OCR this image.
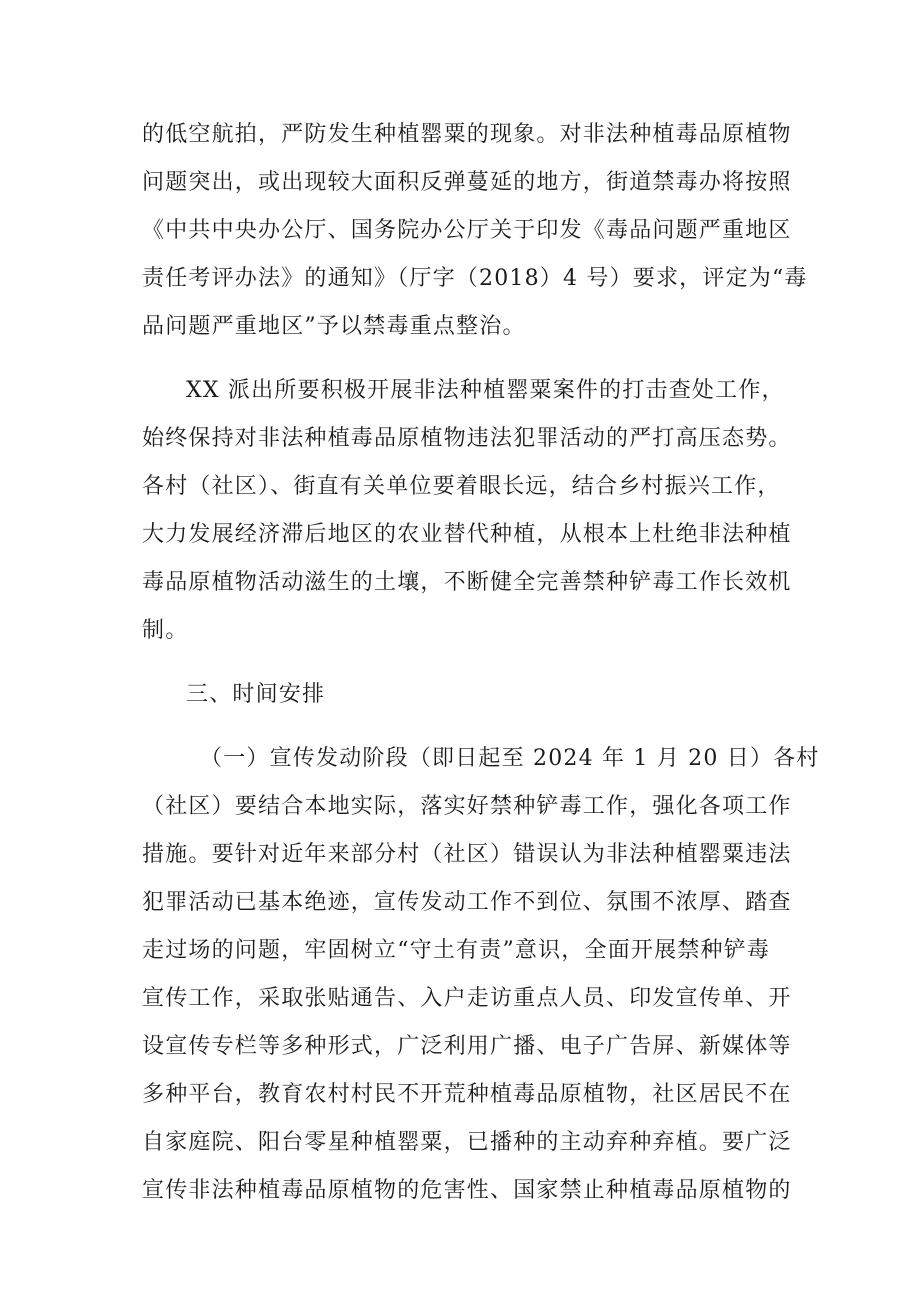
的低空航拍，严防发生种植罂粟的现象。对非法种植毒品原植物
问题突出，或出现较大面积反弹蔓延的地方，街道禁毒办将按照
《中共中央办公厅、国务院办公厅关于印发《毒品问题严重地区
责任考评办法》的通知》（厅字（2018）4 号）要求，评定为“毒
品问题严重地区”予以禁毒重点整治。
XX 派出所要积极开展非法种植罂粟案件的打击查处工作，
始终保持对非法种植毒品原植物违法犯罪活动的严打高压态势。
各村（社区）、街直有关单位要着眼长远，结合乡村振兴工作，
大力发展经济滞后地区的农业替代种植，从根本上杜绝非法种植
毒品原植物活动滋生的土壤，不断健全完善禁种铲毒工作长效机
制。
三、时间安排
（一）宣传发动阶段（即日起至 2024 年 1 月 20 日）各村
（社区）要结合本地实际，落实好禁种铲毒工作，强化各项工作
措施。要针对近年来部分村（社区）错误认为非法种植罂粟违法
犯罪活动已基本绝迹，宣传发动工作不到位、氛围不浓厚、踏查
走过场的问题，牢固树立“守土有责”意识，全面开展禁种铲毒
宣传工作，采取张贴通告、入户走访重点人员、印发宣传单、开
设宣传专栏等多种形式，广泛利用广播、电子广告屏、新媒体等
多种平台，教育农村村民不开荒种植毒品原植物，社区居民不在
自家庭院、阳台零星种植罂粟，已播种的主动弃种弃植。要广泛
宣传非法种植毒品原植物的危害性、国家禁止种植毒品原植物的
